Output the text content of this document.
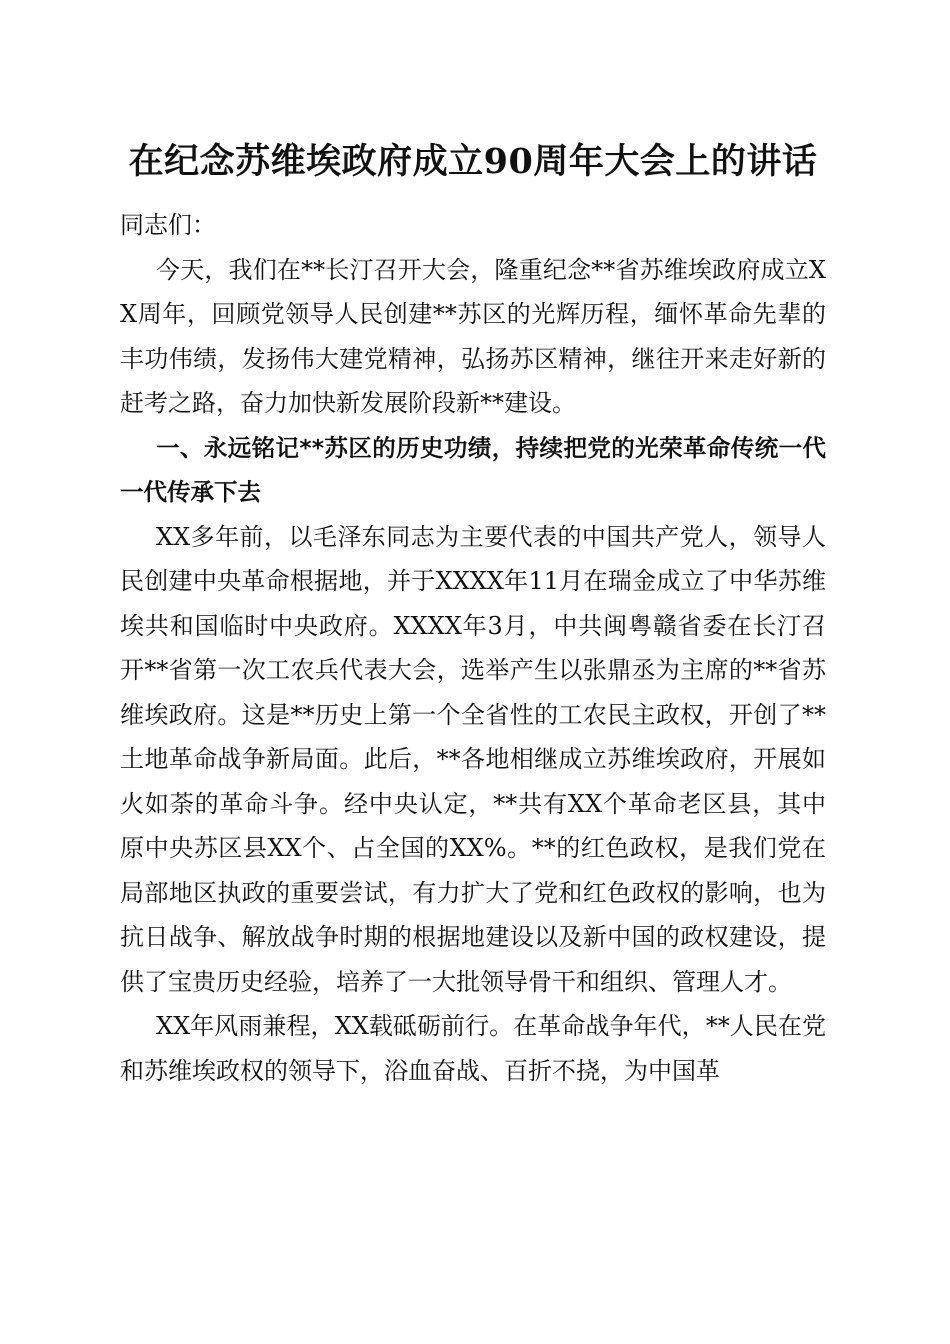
在纪念苏维埃政府成立90周年大会上的讲话

同志们：

今天，我们在**长汀召开大会，隆重纪念**省苏维埃政府成立XX周年，回顾党领导人民创建**苏区的光辉历程，缅怀革命先辈的丰功伟绩，发扬伟大建党精神，弘扬苏区精神，继往开来走好新的赶考之路，奋力加快新发展阶段新**建设。

一、永远铭记**苏区的历史功绩，持续把党的光荣革命传统一代一代传承下去

XX多年前，以毛泽东同志为主要代表的中国共产党人，领导人民创建中央革命根据地，并于XXXX年11月在瑞金成立了中华苏维埃共和国临时中央政府。XXXX年3月，中共闽粤赣省委在长汀召开**省第一次工农兵代表大会，选举产生以张鼎丞为主席的**省苏维埃政府。这是**历史上第一个全省性的工农民主政权，开创了**土地革命战争新局面。此后，**各地相继成立苏维埃政府，开展如火如荼的革命斗争。经中央认定，**共有XX个革命老区县，其中原中央苏区县XX个、占全国的XX%。**的红色政权，是我们党在局部地区执政的重要尝试，有力扩大了党和红色政权的影响，也为抗日战争、解放战争时期的根据地建设以及新中国的政权建设，提供了宝贵历史经验，培养了一大批领导骨干和组织、管理人才。

XX年风雨兼程，XX载砥砺前行。在革命战争年代，**人民在党和苏维埃政权的领导下，浴血奋战、百折不挠，为中国革
